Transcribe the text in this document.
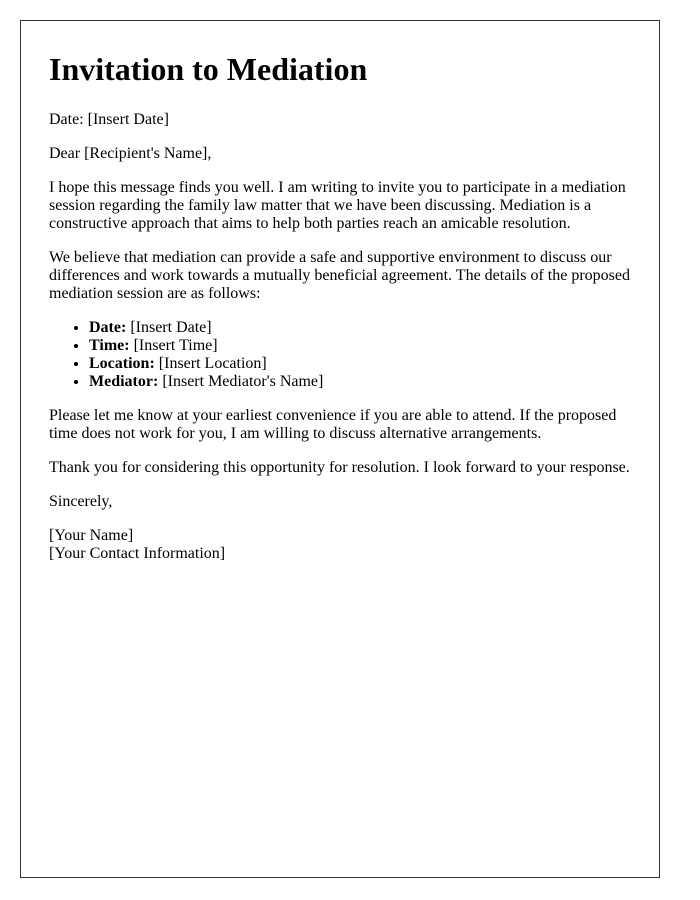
Invitation to Mediation

Date: [Insert Date]

Dear [Recipient's Name],

I hope this message finds you well. I am writing to invite you to participate in a mediation session regarding the family law matter that we have been discussing. Mediation is a constructive approach that aims to help both parties reach an amicable resolution.

We believe that mediation can provide a safe and supportive environment to discuss our differences and work towards a mutually beneficial agreement. The details of the proposed mediation session are as follows:

• Date: [Insert Date]
• Time: [Insert Time]
• Location: [Insert Location]
• Mediator: [Insert Mediator's Name]

Please let me know at your earliest convenience if you are able to attend. If the proposed time does not work for you, I am willing to discuss alternative arrangements.

Thank you for considering this opportunity for resolution. I look forward to your response.

Sincerely,

[Your Name]
[Your Contact Information]
